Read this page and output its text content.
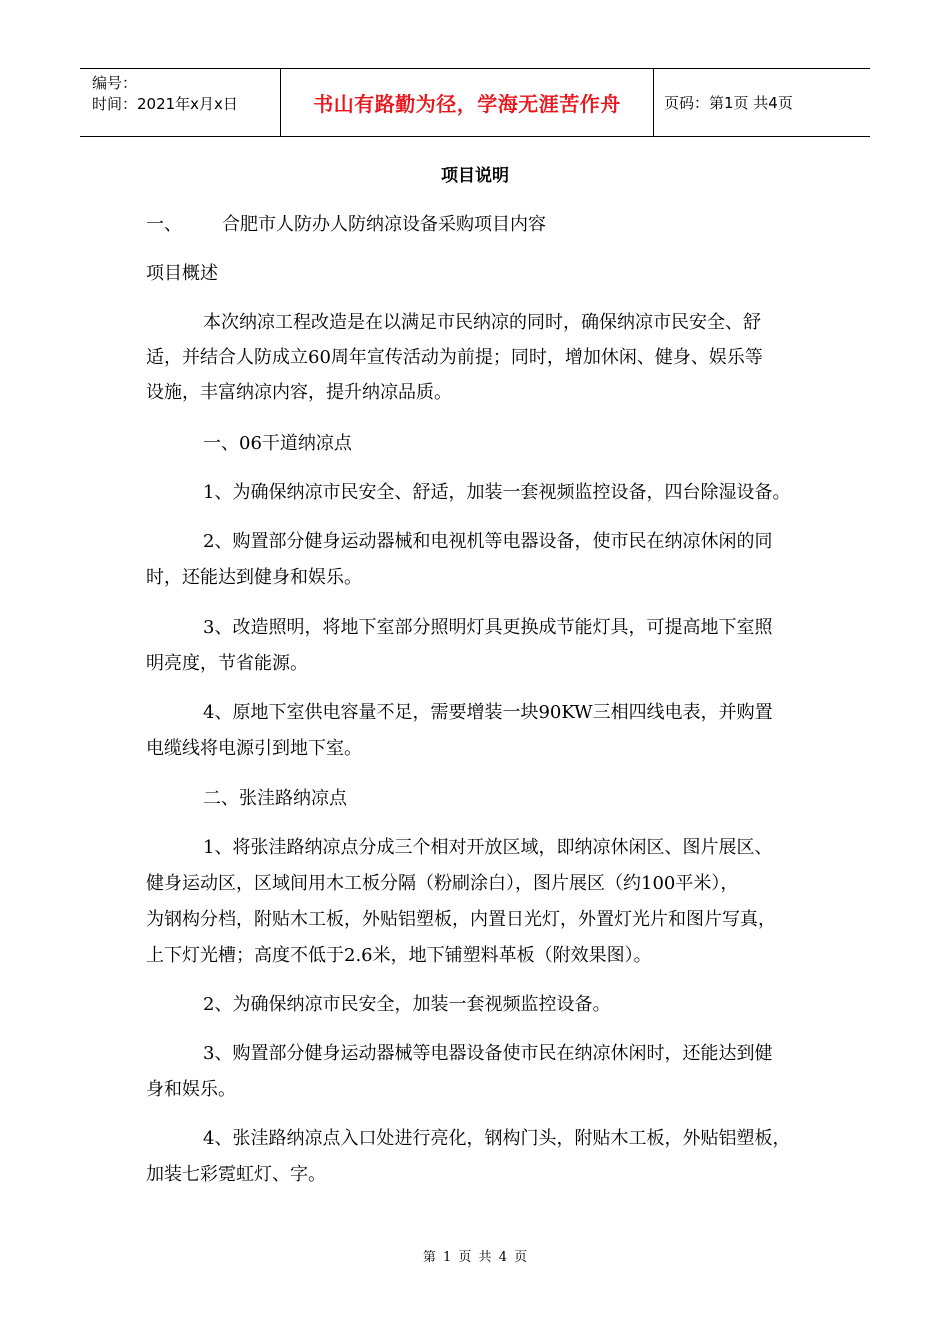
编号：
时间：2021年x月x日	书山有路勤为径，学海无涯苦作舟	页码：第1页 共4页
项目说明
一、       合肥市人防办人防纳凉设备采购项目内容
项目概述
本次纳凉工程改造是在以满足市民纳凉的同时，确保纳凉市民安全、舒
适，并结合人防成立60周年宣传活动为前提；同时，增加休闲、健身、娱乐等
设施，丰富纳凉内容，提升纳凉品质。
一、06干道纳凉点
1、为确保纳凉市民安全、舒适，加装一套视频监控设备，四台除湿设备。
2、购置部分健身运动器械和电视机等电器设备，使市民在纳凉休闲的同
时，还能达到健身和娱乐。
3、改造照明，将地下室部分照明灯具更换成节能灯具，可提高地下室照
明亮度，节省能源。
4、原地下室供电容量不足，需要增装一块90KW三相四线电表，并购置
电缆线将电源引到地下室。
二、张洼路纳凉点
1、将张洼路纳凉点分成三个相对开放区域，即纳凉休闲区、图片展区、
健身运动区，区域间用木工板分隔（粉刷涂白），图片展区（约100平米），
为钢构分档，附贴木工板，外贴铝塑板，内置日光灯，外置灯光片和图片写真，
上下灯光槽；高度不低于2.6米，地下铺塑料革板（附效果图）。
2、为确保纳凉市民安全，加装一套视频监控设备。
3、购置部分健身运动器械等电器设备使市民在纳凉休闲时，还能达到健
身和娱乐。
4、张洼路纳凉点入口处进行亮化，钢构门头，附贴木工板，外贴铝塑板，
加装七彩霓虹灯、字。
第 1 页 共 4 页
